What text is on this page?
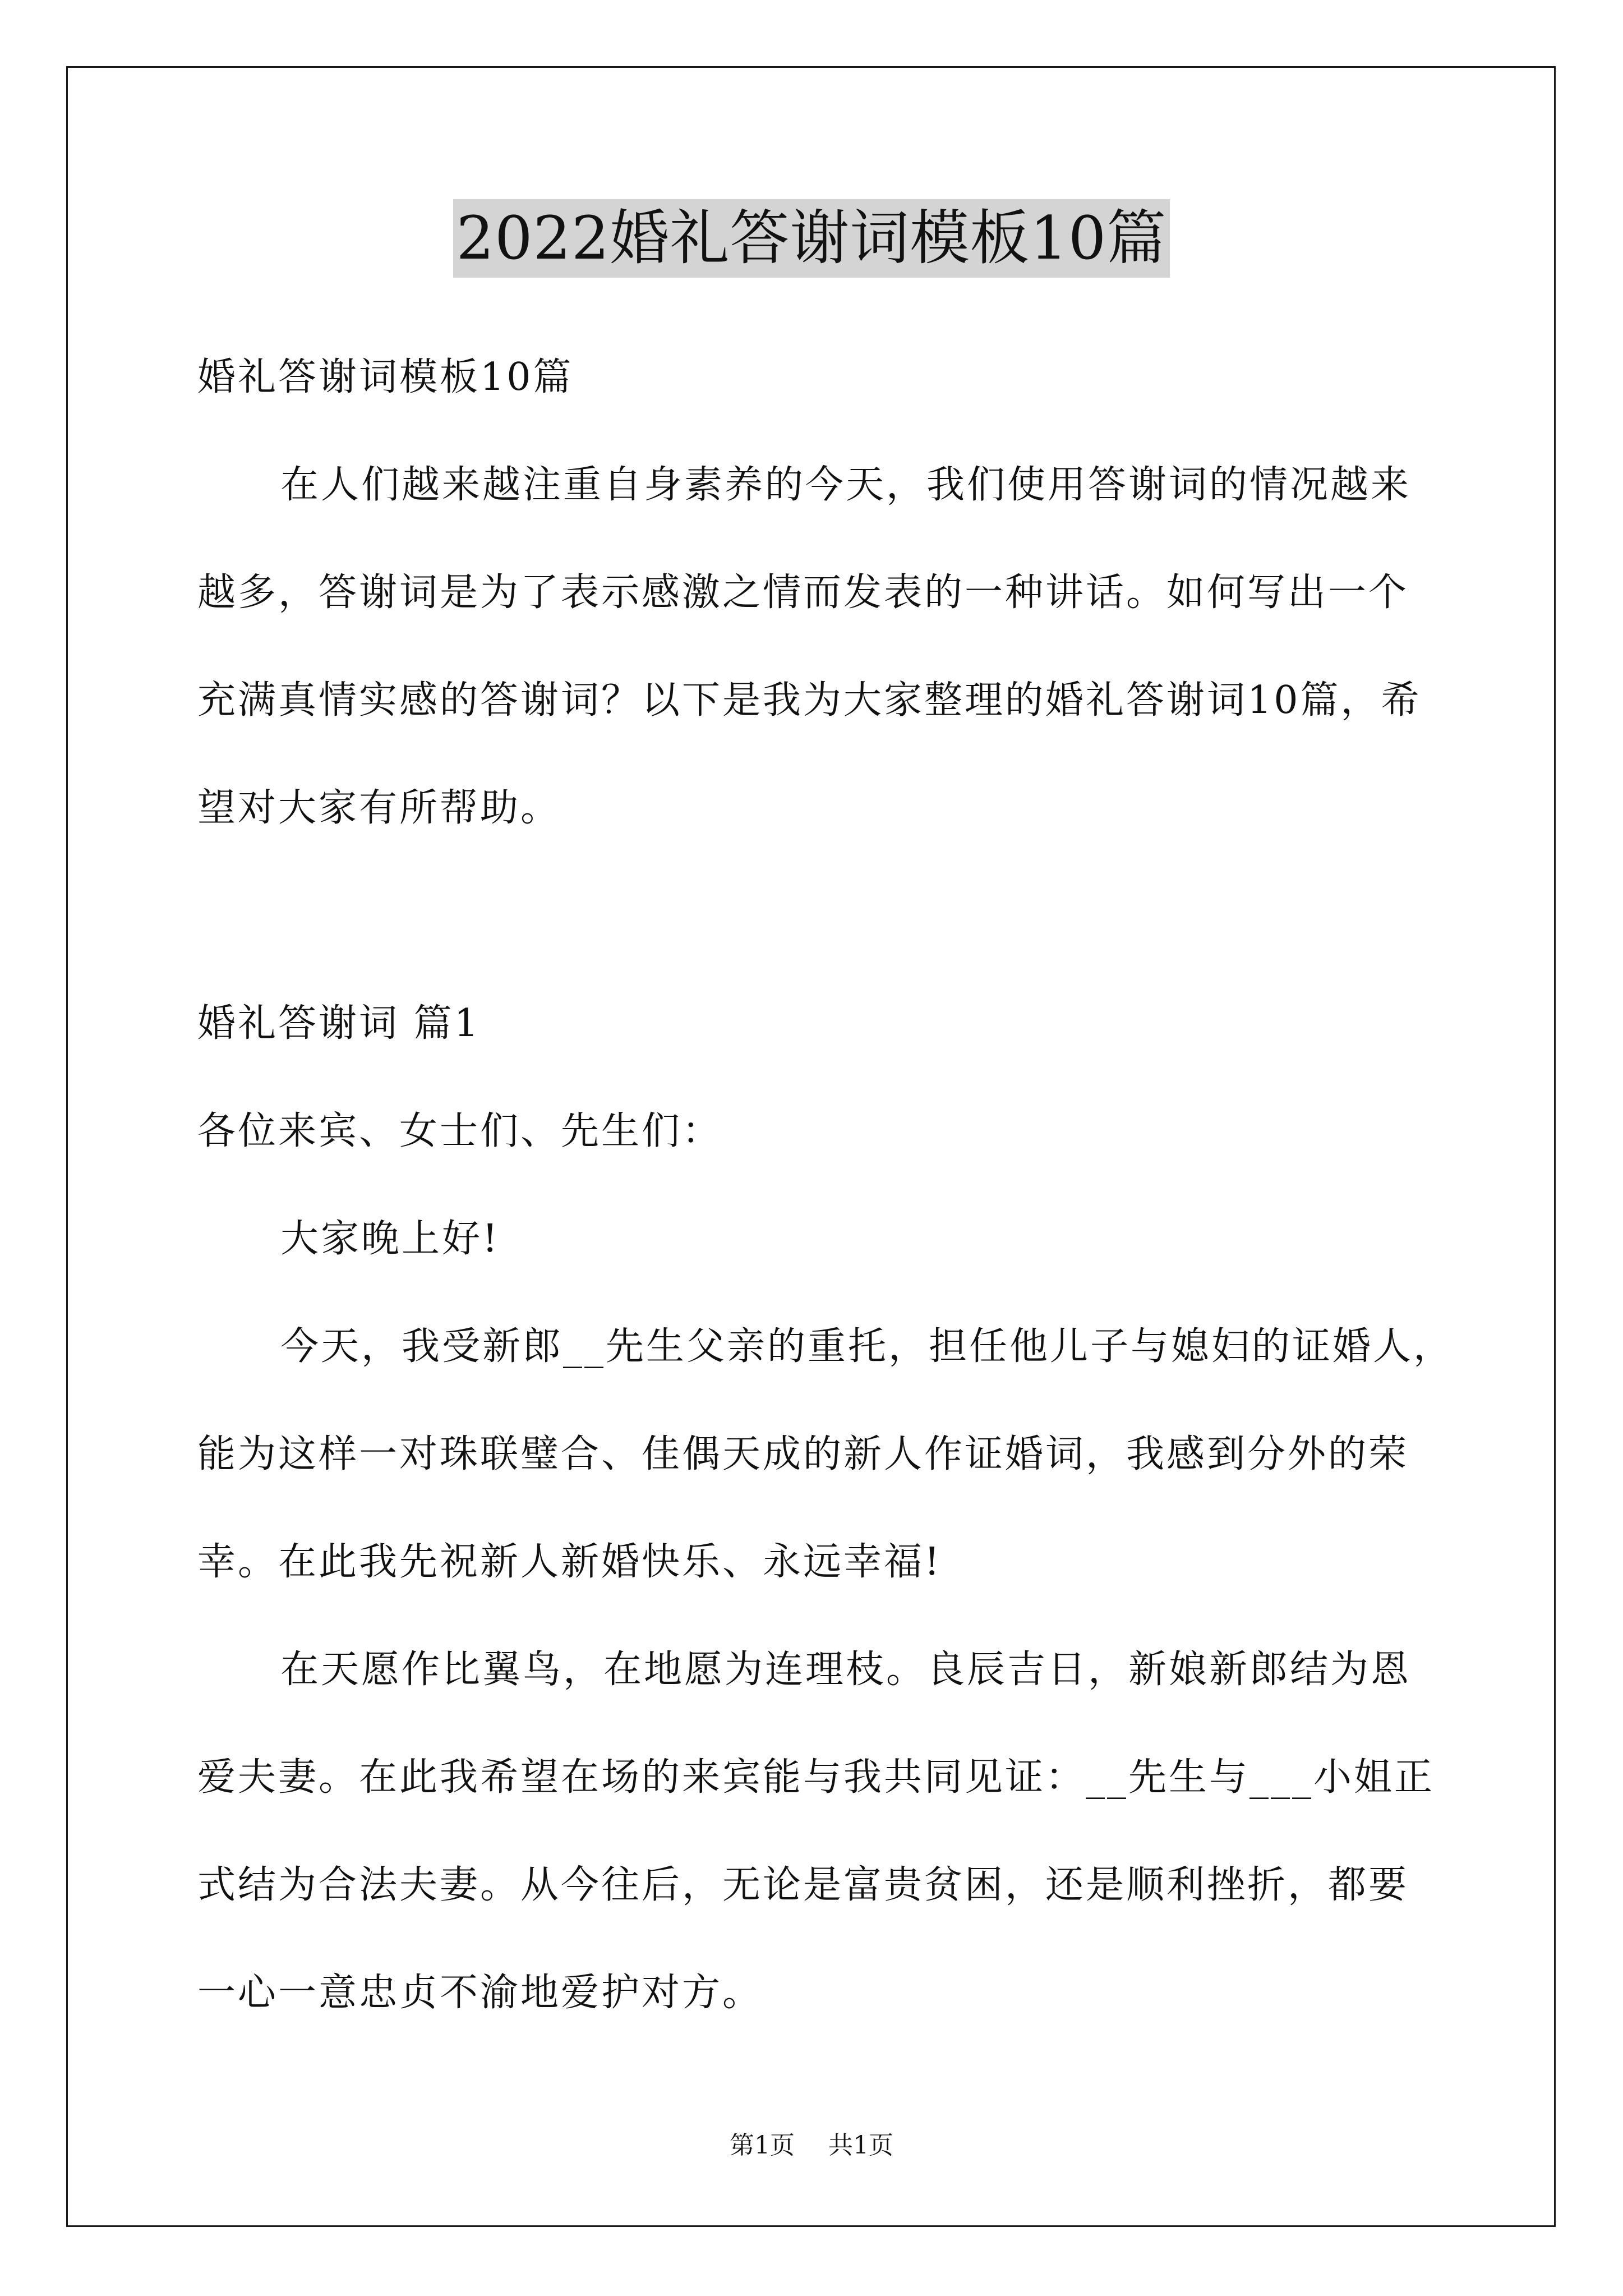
2022婚礼答谢词模板10篇
婚礼答谢词模板10篇
在人们越来越注重自身素养的今天，我们使用答谢词的情况越来
越多，答谢词是为了表示感激之情而发表的一种讲话。如何写出一个
充满真情实感的答谢词？以下是我为大家整理的婚礼答谢词10篇，希
望对大家有所帮助。
婚礼答谢词 篇1
各位来宾、女士们、先生们：
大家晚上好!
今天，我受新郎__先生父亲的重托，担任他儿子与媳妇的证婚人，
能为这样一对珠联璧合、佳偶天成的新人作证婚词，我感到分外的荣
幸。在此我先祝新人新婚快乐、永远幸福!
在天愿作比翼鸟，在地愿为连理枝。良辰吉日，新娘新郎结为恩
爱夫妻。在此我希望在场的来宾能与我共同见证：__先生与___小姐正
式结为合法夫妻。从今往后，无论是富贵贫困，还是顺利挫折，都要
一心一意忠贞不渝地爱护对方。
第1页 共1页
